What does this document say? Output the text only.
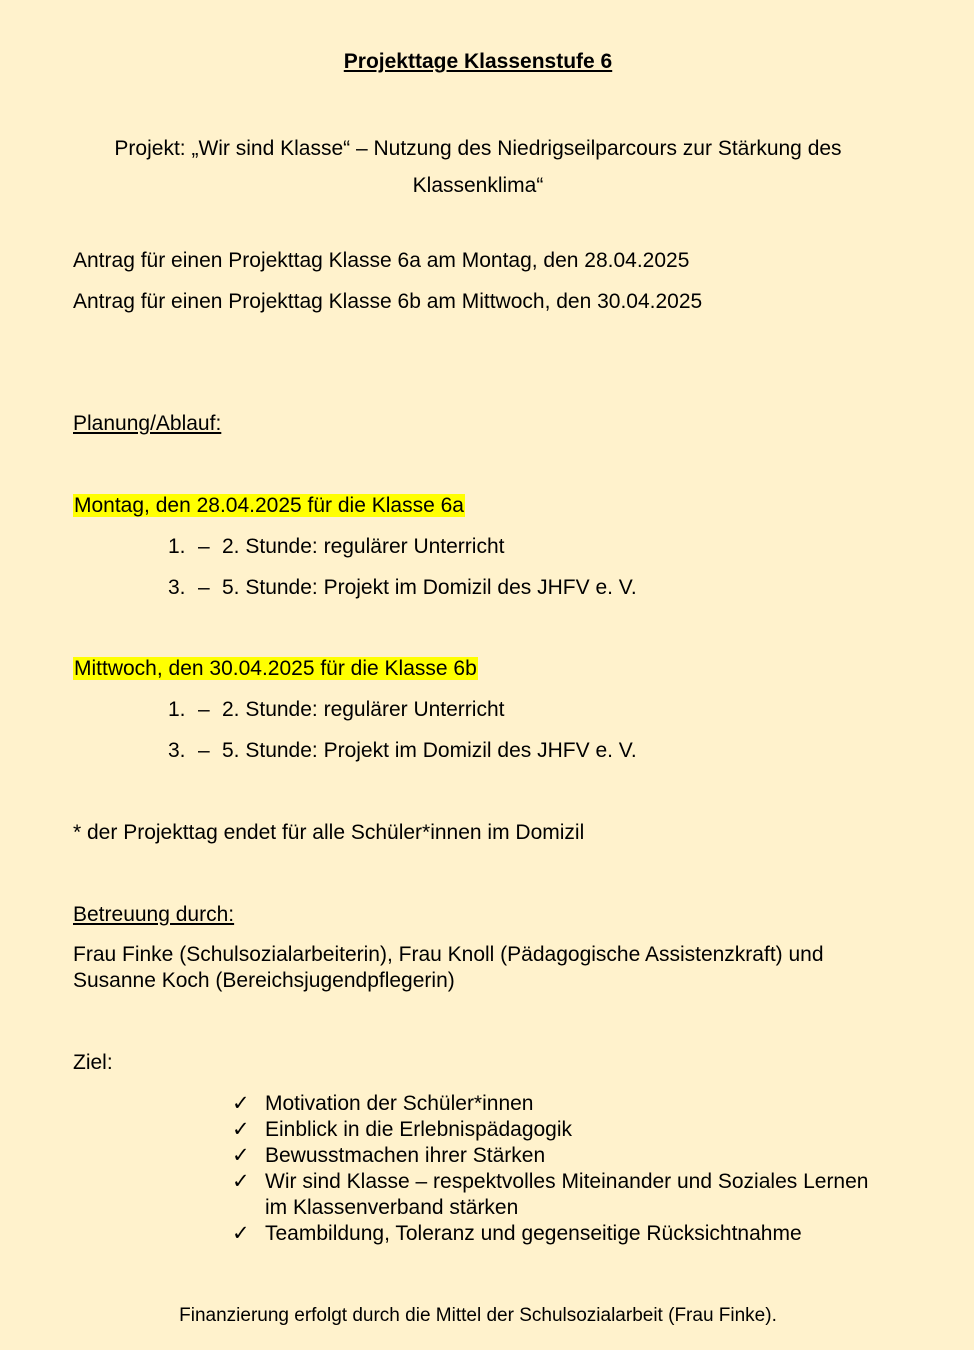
Projekttage Klassenstufe 6
Projekt: „Wir sind Klasse“ – Nutzung des Niedrigseilparcours zur Stärkung des Klassenklima“
Antrag für einen Projekttag Klasse 6a am Montag, den 28.04.2025
Antrag für einen Projekttag Klasse 6b am Mittwoch, den 30.04.2025
Planung/Ablauf:
Montag, den 28.04.2025 für die Klasse 6a
1. – 2. Stunde: regulärer Unterricht
3. – 5. Stunde: Projekt im Domizil des JHFV e. V.
Mittwoch, den 30.04.2025 für die Klasse 6b
1. – 2. Stunde: regulärer Unterricht
3. – 5. Stunde: Projekt im Domizil des JHFV e. V.
* der Projekttag endet für alle Schüler*innen im Domizil
Betreuung durch:
Frau Finke (Schulsozialarbeiterin), Frau Knoll (Pädagogische Assistenzkraft) und
Susanne Koch (Bereichsjugendpflegerin)
Ziel:
✓ Motivation der Schüler*innen
✓ Einblick in die Erlebnispädagogik
✓ Bewusstmachen ihrer Stärken
✓ Wir sind Klasse – respektvolles Miteinander und Soziales Lernen im Klassenverband stärken
✓ Teambildung, Toleranz und gegenseitige Rücksichtnahme
Finanzierung erfolgt durch die Mittel der Schulsozialarbeit (Frau Finke).
